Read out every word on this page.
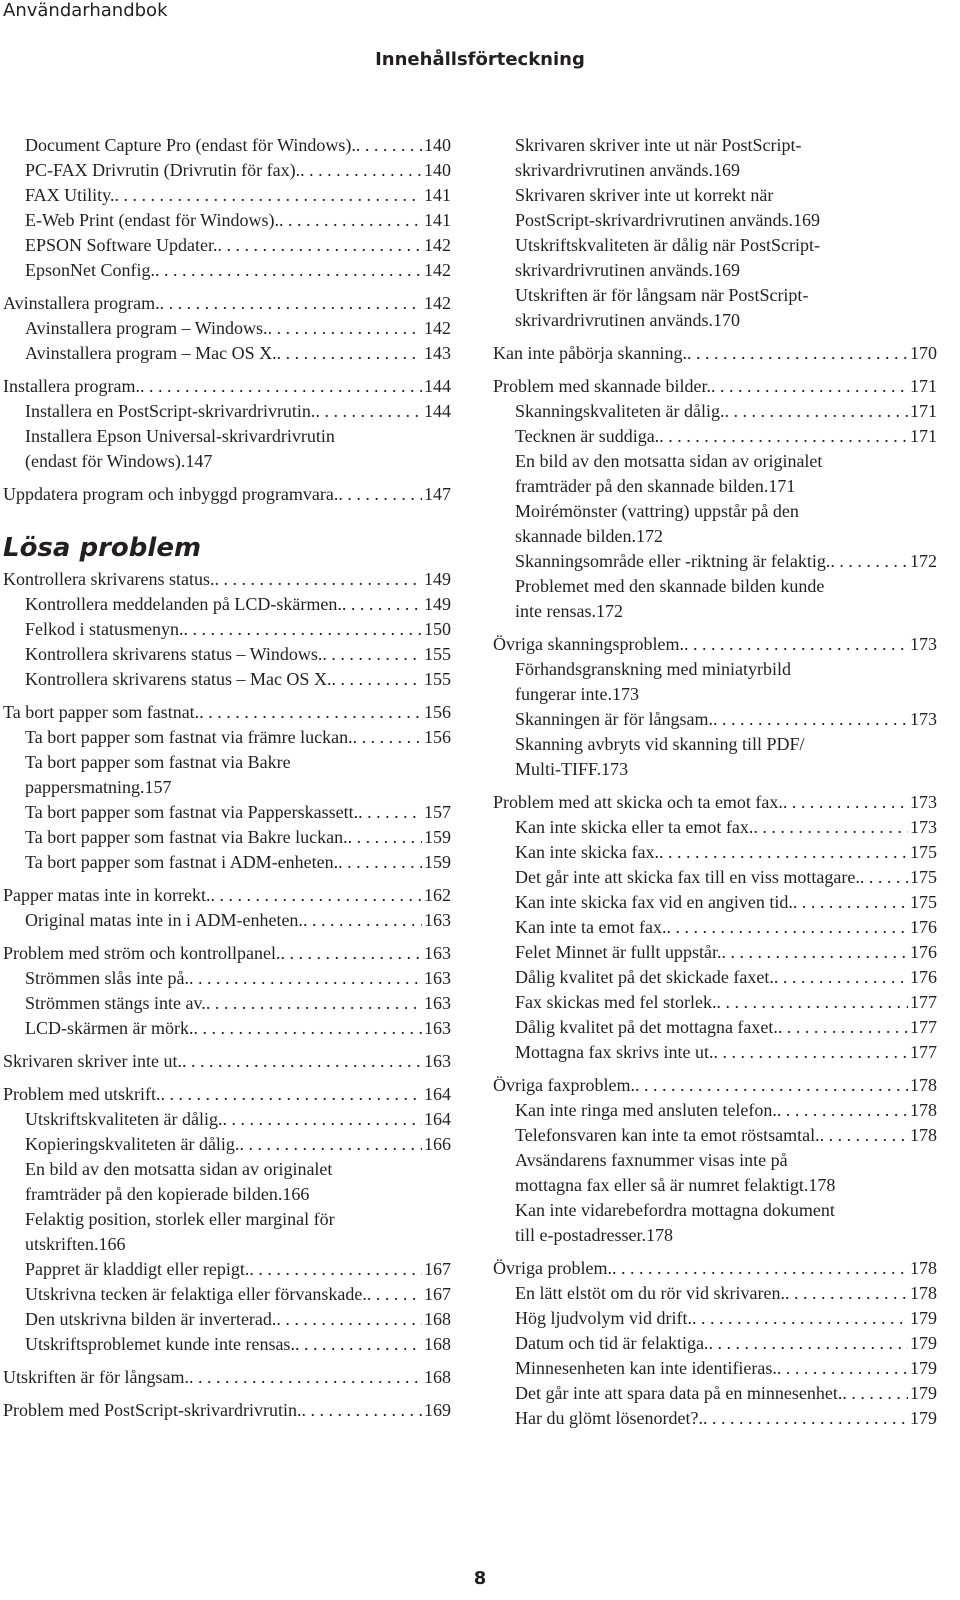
Användarhandbok
Innehållsförteckning
Document Capture Pro (endast för Windows). . . .	140
PC-FAX Drivrutin (Drivrutin för fax). . . .	140
FAX Utility. . . .	141
E-Web Print (endast för Windows). . . .	141
EPSON Software Updater. . . .	142
EpsonNet Config. . . .	142
Avinstallera program. . . .	142
Avinstallera program – Windows. . . .	142
Avinstallera program – Mac OS X. . . .	143
Installera program. . . .	144
Installera en PostScript-skrivardrivrutin. . . .	144
Installera Epson Universal-skrivardrivrutin
(endast för Windows). 147
Uppdatera program och inbyggd programvara. . . .	147
Lösa problem
Kontrollera skrivarens status. . . .	149
Kontrollera meddelanden på LCD-skärmen. . . .	149
Felkod i statusmenyn. . . .	150
Kontrollera skrivarens status – Windows. . . .	155
Kontrollera skrivarens status – Mac OS X. . . .	155
Ta bort papper som fastnat. . . .	156
Ta bort papper som fastnat via främre luckan. . . .	156
Ta bort papper som fastnat via Bakre
pappersmatning. 157
Ta bort papper som fastnat via Papperskassett. . . .	157
Ta bort papper som fastnat via Bakre luckan. . . .	159
Ta bort papper som fastnat i ADM-enheten. . . .	159
Papper matas inte in korrekt. . . .	162
Original matas inte in i ADM-enheten. . . .	163
Problem med ström och kontrollpanel. . . .	163
Strömmen slås inte på. . . .	163
Strömmen stängs inte av. . . .	163
LCD-skärmen är mörk. . . .	163
Skrivaren skriver inte ut. . . .	163
Problem med utskrift. . . .	164
Utskriftskvaliteten är dålig. . . .	164
Kopieringskvaliteten är dålig. . . .	166
En bild av den motsatta sidan av originalet
framträder på den kopierade bilden. 166
Felaktig position, storlek eller marginal för
utskriften. 166
Pappret är kladdigt eller repigt. . . .	167
Utskrivna tecken är felaktiga eller förvanskade. . . .	167
Den utskrivna bilden är inverterad. . . .	168
Utskriftsproblemet kunde inte rensas. . . .	168
Utskriften är för långsam. . . .	168
Problem med PostScript-skrivardrivrutin. . . .	169
Skrivaren skriver inte ut när PostScript-
skrivardrivrutinen används. 169
Skrivaren skriver inte ut korrekt när
PostScript-skrivardrivrutinen används. 169
Utskriftskvaliteten är dålig när PostScript-
skrivardrivrutinen används. 169
Utskriften är för långsam när PostScript-
skrivardrivrutinen används. 170
Kan inte påbörja skanning. . . .	170
Problem med skannade bilder. . . .	171
Skanningskvaliteten är dålig. . . .	171
Tecknen är suddiga. . . .	171
En bild av den motsatta sidan av originalet
framträder på den skannade bilden. 171
Moirémönster (vattring) uppstår på den
skannade bilden. 172
Skanningsområde eller -riktning är felaktig. . . .	172
Problemet med den skannade bilden kunde
inte rensas. 172
Övriga skanningsproblem. . . .	173
Förhandsgranskning med miniatyrbild
fungerar inte. 173
Skanningen är för långsam. . . .	173
Skanning avbryts vid skanning till PDF/
Multi-TIFF. 173
Problem med att skicka och ta emot fax. . . .	173
Kan inte skicka eller ta emot fax. . . .	173
Kan inte skicka fax. . . .	175
Det går inte att skicka fax till en viss mottagare. . . .	175
Kan inte skicka fax vid en angiven tid. . . .	175
Kan inte ta emot fax. . . .	176
Felet Minnet är fullt uppstår. . . .	176
Dålig kvalitet på det skickade faxet. . . .	176
Fax skickas med fel storlek. . . .	177
Dålig kvalitet på det mottagna faxet. . . .	177
Mottagna fax skrivs inte ut. . . .	177
Övriga faxproblem. . . .	178
Kan inte ringa med ansluten telefon. . . .	178
Telefonsvaren kan inte ta emot röstsamtal. . . .	178
Avsändarens faxnummer visas inte på
mottagna fax eller så är numret felaktigt. 178
Kan inte vidarebefordra mottagna dokument
till e-postadresser. 178
Övriga problem. . . .	178
En lätt elstöt om du rör vid skrivaren. . . .	178
Hög ljudvolym vid drift. . . .	179
Datum och tid är felaktiga. . . .	179
Minnesenheten kan inte identifieras. . . .	179
Det går inte att spara data på en minnesenhet. . . .	179
Har du glömt lösenordet?. . . .	179
8
